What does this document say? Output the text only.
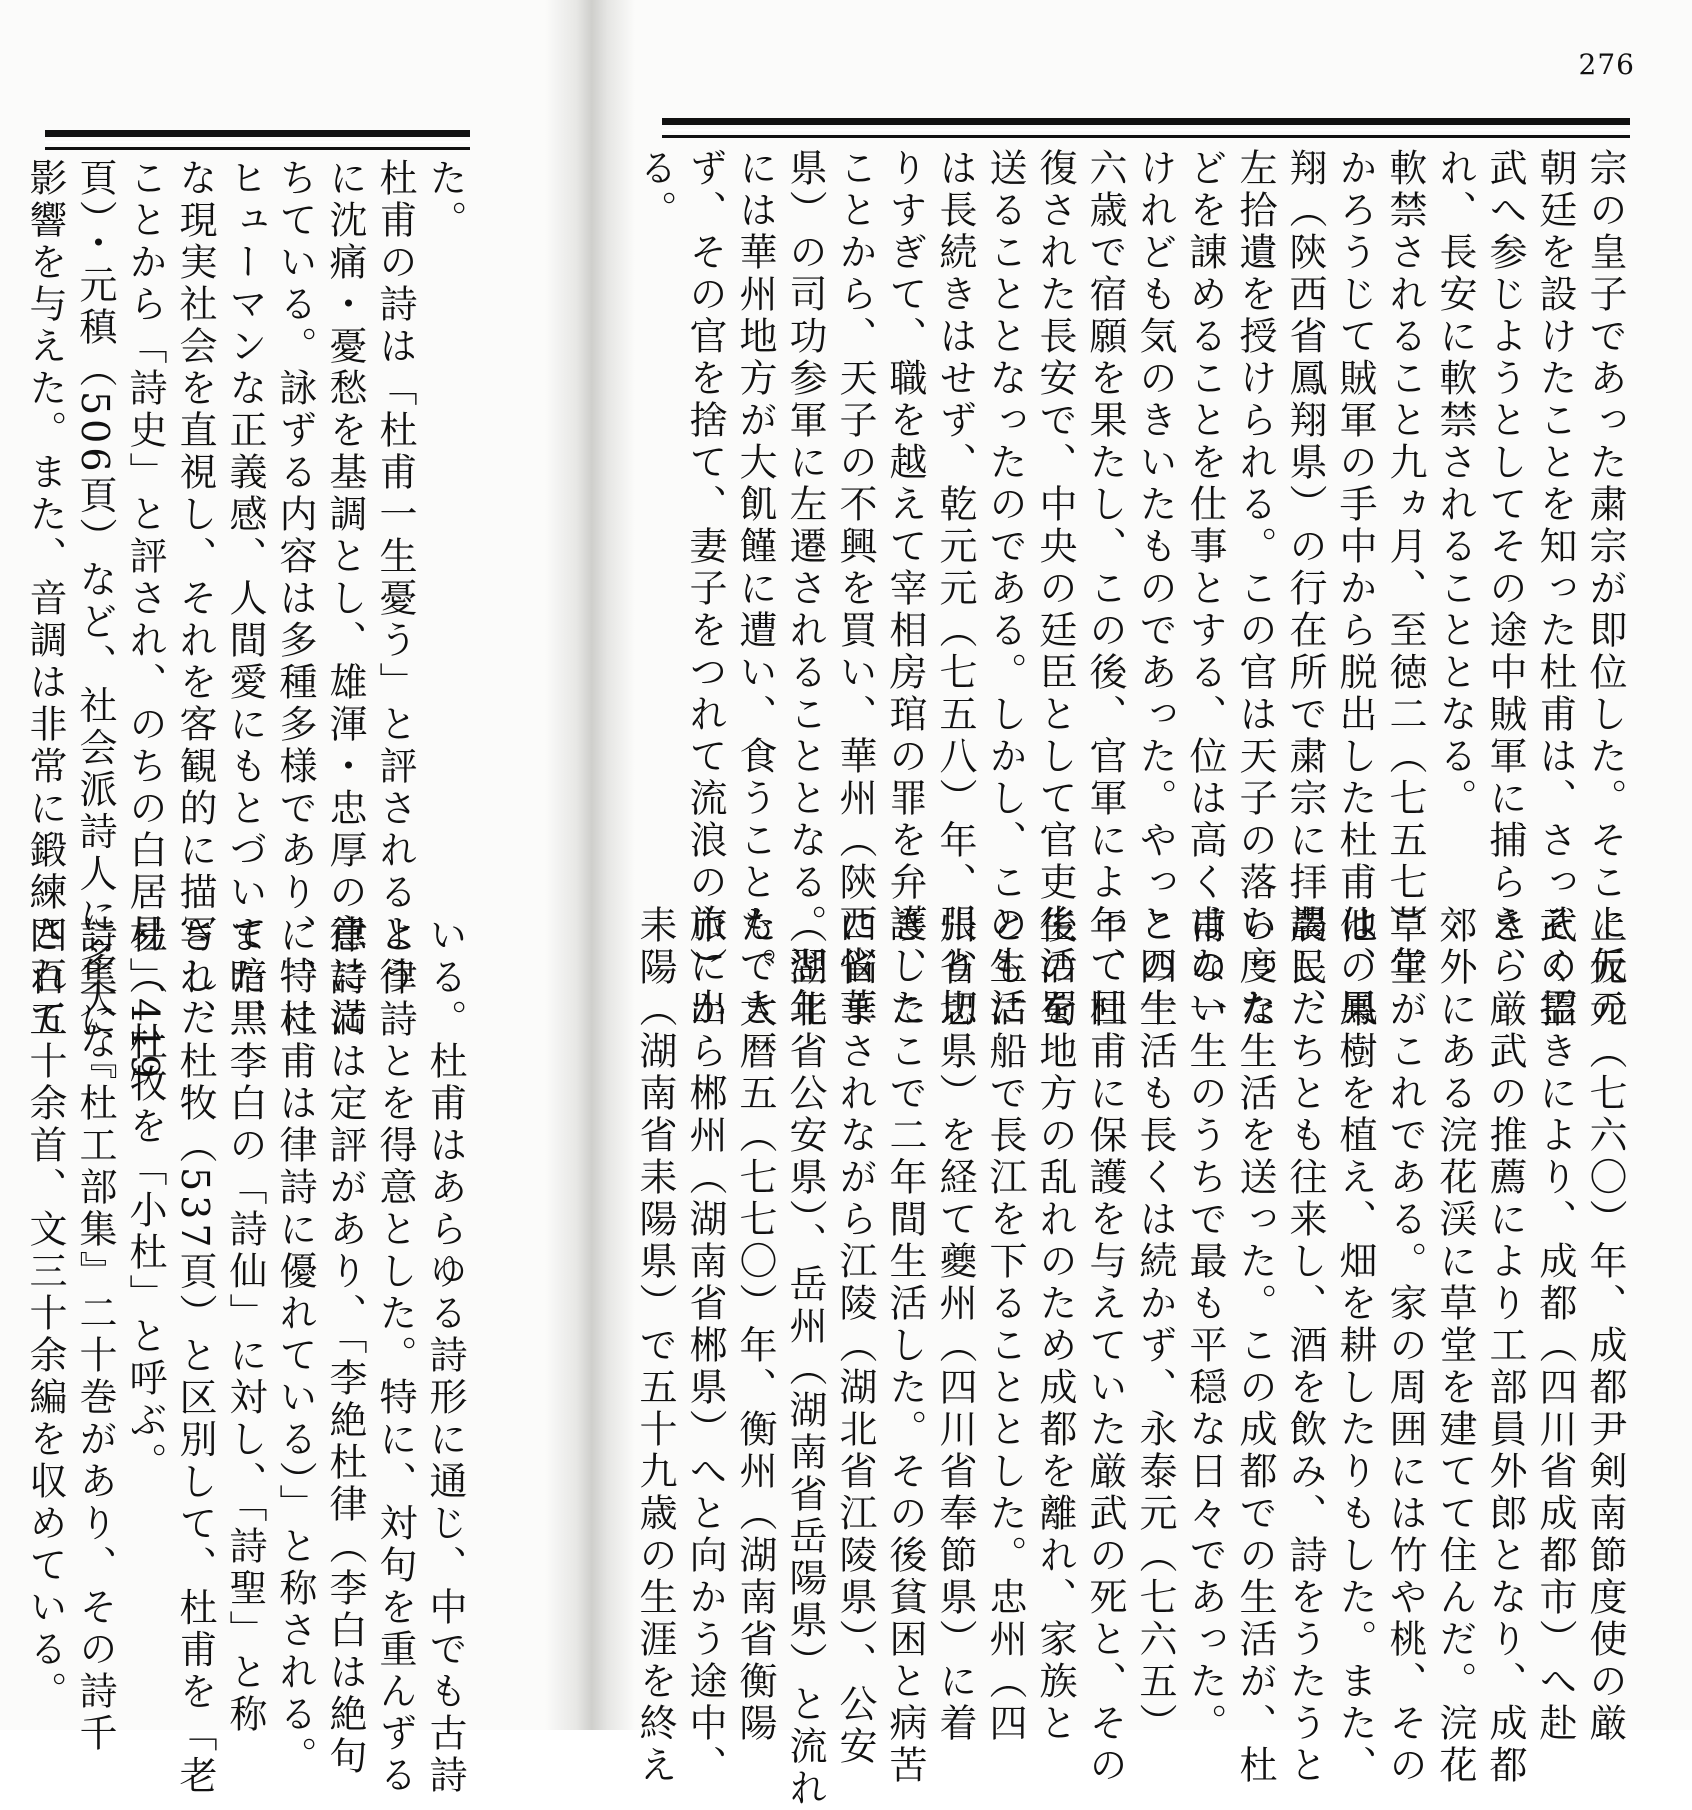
た。
杜甫の詩は「杜甫一生憂う」と評されるよう
に沈痛・憂愁を基調とし、雄渾・忠厚の意に満
ちている。詠ずる内容は多種多様であり、特に
ヒューマンな正義感、人間愛にもとづいて暗黒
な現実社会を直視し、それを客観的に描写した
ことから「詩史」と評され、のちの白居易（419
頁）・元稹（506頁）など、社会派詩人に多大な
影響を与えた。また、音調は非常に鍛練されて
いる。杜甫はあらゆる詩形に通じ、中でも古詩
と律詩とを得意とした。特に、対句を重んずる
律詩には定評があり、「李絶杜律（李白は絶句
に、杜甫は律詩に優れている）」と称される。
また、李白の「詩仙」に対し、「詩聖」と称
され、杜牧（537頁）と区別して、杜甫を「老
杜」、杜牧を「小杜」と呼ぶ。
詩集に『杜工部集』二十巻があり、その詩千
四百五十余首、文三十余編を収めている。
276
宗の皇子であった粛宗が即位した。そこに仮の
朝廷を設けたことを知った杜甫は、さっそく霊
武へ参じようとしてその途中賊軍に捕らえら
れ、長安に軟禁されることとなる。
軟禁されること九ヵ月、至徳二（七五七）年
かろうじて賊軍の手中から脱出した杜甫は、鳳
翔（陝西省鳳翔県）の行在所で粛宗に拝謁し、
左拾遺を授けられる。この官は天子の落ち度な
どを諌めることを仕事とする、位は高くはない
けれども気のきいたものであった。やっと四十
六歳で宿願を果たし、この後、官軍によって回
復された長安で、中央の廷臣として官吏生活を
送ることとなったのである。しかし、この生活
は長続きはせず、乾元元（七五八）年、張り切
りすぎて、職を越えて宰相房琯の罪を弁護した
ことから、天子の不興を買い、華州（陝西省華
県）の司功参軍に左遷されることとなる。翌年
には華州地方が大飢饉に遭い、食うこともでき
ず、その官を捨て、妻子をつれて流浪の旅に出
る。
上元元（七六〇）年、成都尹剣南節度使の厳
武の招きにより、成都（四川省成都市）へ赴
き、厳武の推薦により工部員外郎となり、成都
郊外にある浣花渓に草堂を建てて住んだ。浣花
草堂がこれである。家の周囲には竹や桃、その
他の果樹を植え、畑を耕したりもした。また、
農民たちとも往来し、酒を飲み、詩をうたうと
いった生活を送った。この成都での生活が、杜
甫の一生のうちで最も平穏な日々であった。
この生活も長くは続かず、永泰元（七六五）
年、杜甫に保護を与えていた厳武の死と、その
後の蜀地方の乱れのため成都を離れ、家族と
ともに船で長江を下ることとした。忠州（四
川省忠県）を経て夔州（四川省奉節県）に着
き、ここで二年間生活した。その後貧困と病苦
に悩まされながら江陵（湖北省江陵県）、公安
（湖北省公安県）、岳州（湖南省岳陽県）と流れ
た。大暦五（七七〇）年、衡州（湖南省衡陽
市）から郴州（湖南省郴県）へと向かう途中、
耒陽（湖南省耒陽県）で五十九歳の生涯を終え
